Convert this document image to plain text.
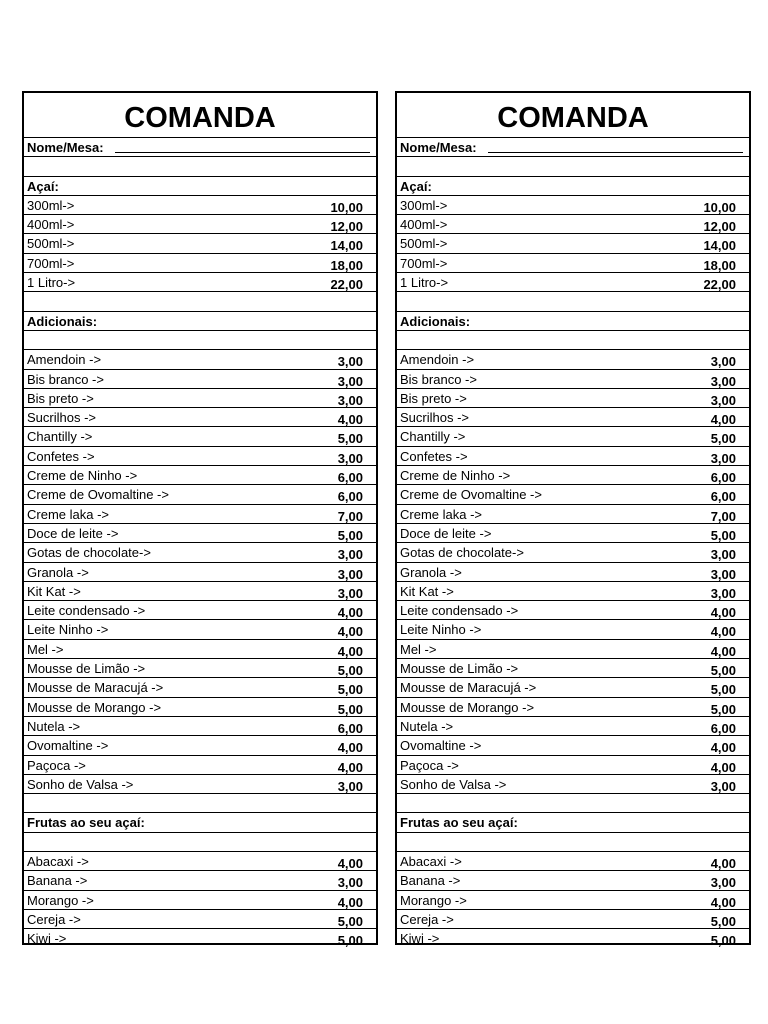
COMANDA
Nome/Mesa:
Açaí:
300ml->	10,00
400ml->	12,00
500ml->	14,00
700ml->	18,00
1 Litro->	22,00
Adicionais:
Amendoin ->	3,00
Bis branco ->	3,00
Bis preto ->	3,00
Sucrilhos ->	4,00
Chantilly ->	5,00
Confetes ->	3,00
Creme de Ninho ->	6,00
Creme de Ovomaltine ->	6,00
Creme laka ->	7,00
Doce de leite ->	5,00
Gotas de chocolate->	3,00
Granola ->	3,00
Kit Kat ->	3,00
Leite condensado ->	4,00
Leite Ninho ->	4,00
Mel ->	4,00
Mousse de Limão ->	5,00
Mousse de Maracujá ->	5,00
Mousse de Morango ->	5,00
Nutela ->	6,00
Ovomaltine ->	4,00
Paçoca ->	4,00
Sonho de Valsa ->	3,00
Frutas ao seu açaí:
Abacaxi ->	4,00
Banana ->	3,00
Morango ->	4,00
Cereja ->	5,00
Kiwi ->	5,00
COMANDA
Nome/Mesa:
Açaí:
300ml->	10,00
400ml->	12,00
500ml->	14,00
700ml->	18,00
1 Litro->	22,00
Adicionais:
Amendoin ->	3,00
Bis branco ->	3,00
Bis preto ->	3,00
Sucrilhos ->	4,00
Chantilly ->	5,00
Confetes ->	3,00
Creme de Ninho ->	6,00
Creme de Ovomaltine ->	6,00
Creme laka ->	7,00
Doce de leite ->	5,00
Gotas de chocolate->	3,00
Granola ->	3,00
Kit Kat ->	3,00
Leite condensado ->	4,00
Leite Ninho ->	4,00
Mel ->	4,00
Mousse de Limão ->	5,00
Mousse de Maracujá ->	5,00
Mousse de Morango ->	5,00
Nutela ->	6,00
Ovomaltine ->	4,00
Paçoca ->	4,00
Sonho de Valsa ->	3,00
Frutas ao seu açaí:
Abacaxi ->	4,00
Banana ->	3,00
Morango ->	4,00
Cereja ->	5,00
Kiwi ->	5,00
